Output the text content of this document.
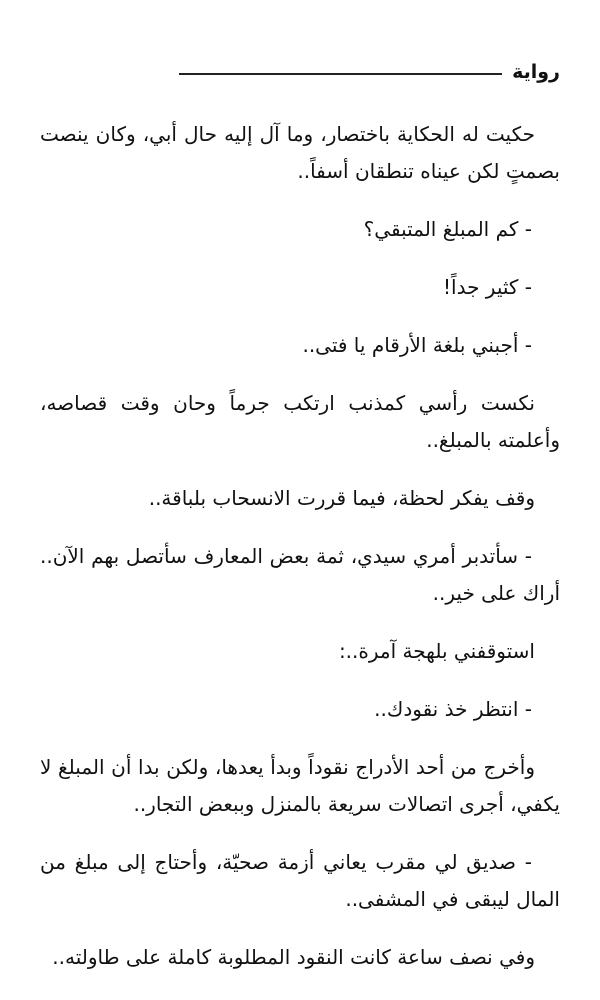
رواية

حكيت له الحكاية باختصار، وما آل إليه حال أبي، وكان ينصت بصمتٍ لكن عيناه تنطقان أسفاً..

- كم المبلغ المتبقي؟

- كثير جداً!

- أجبني بلغة الأرقام يا فتى..

نكست رأسي كمذنب ارتكب جرماً وحان وقت قصاصه، وأعلمته بالمبلغ..

وقف يفكر لحظة، فيما قررت الانسحاب بلباقة..

- سأتدبر أمري سيدي، ثمة بعض المعارف سأتصل بهم الآن.. أراك على خير..

استوقفني بلهجة آمرة..:

- انتظر خذ نقودك..

وأخرج من أحد الأدراج نقوداً وبدأ يعدها، ولكن بدا أن المبلغ لا يكفي، أجرى اتصالات سريعة بالمنزل وببعض التجار..

- صديق لي مقرب يعاني أزمة صحيّة، وأحتاج إلى مبلغ من المال ليبقى في المشفى..

وفي نصف ساعة كانت النقود المطلوبة كاملة على طاولته..
